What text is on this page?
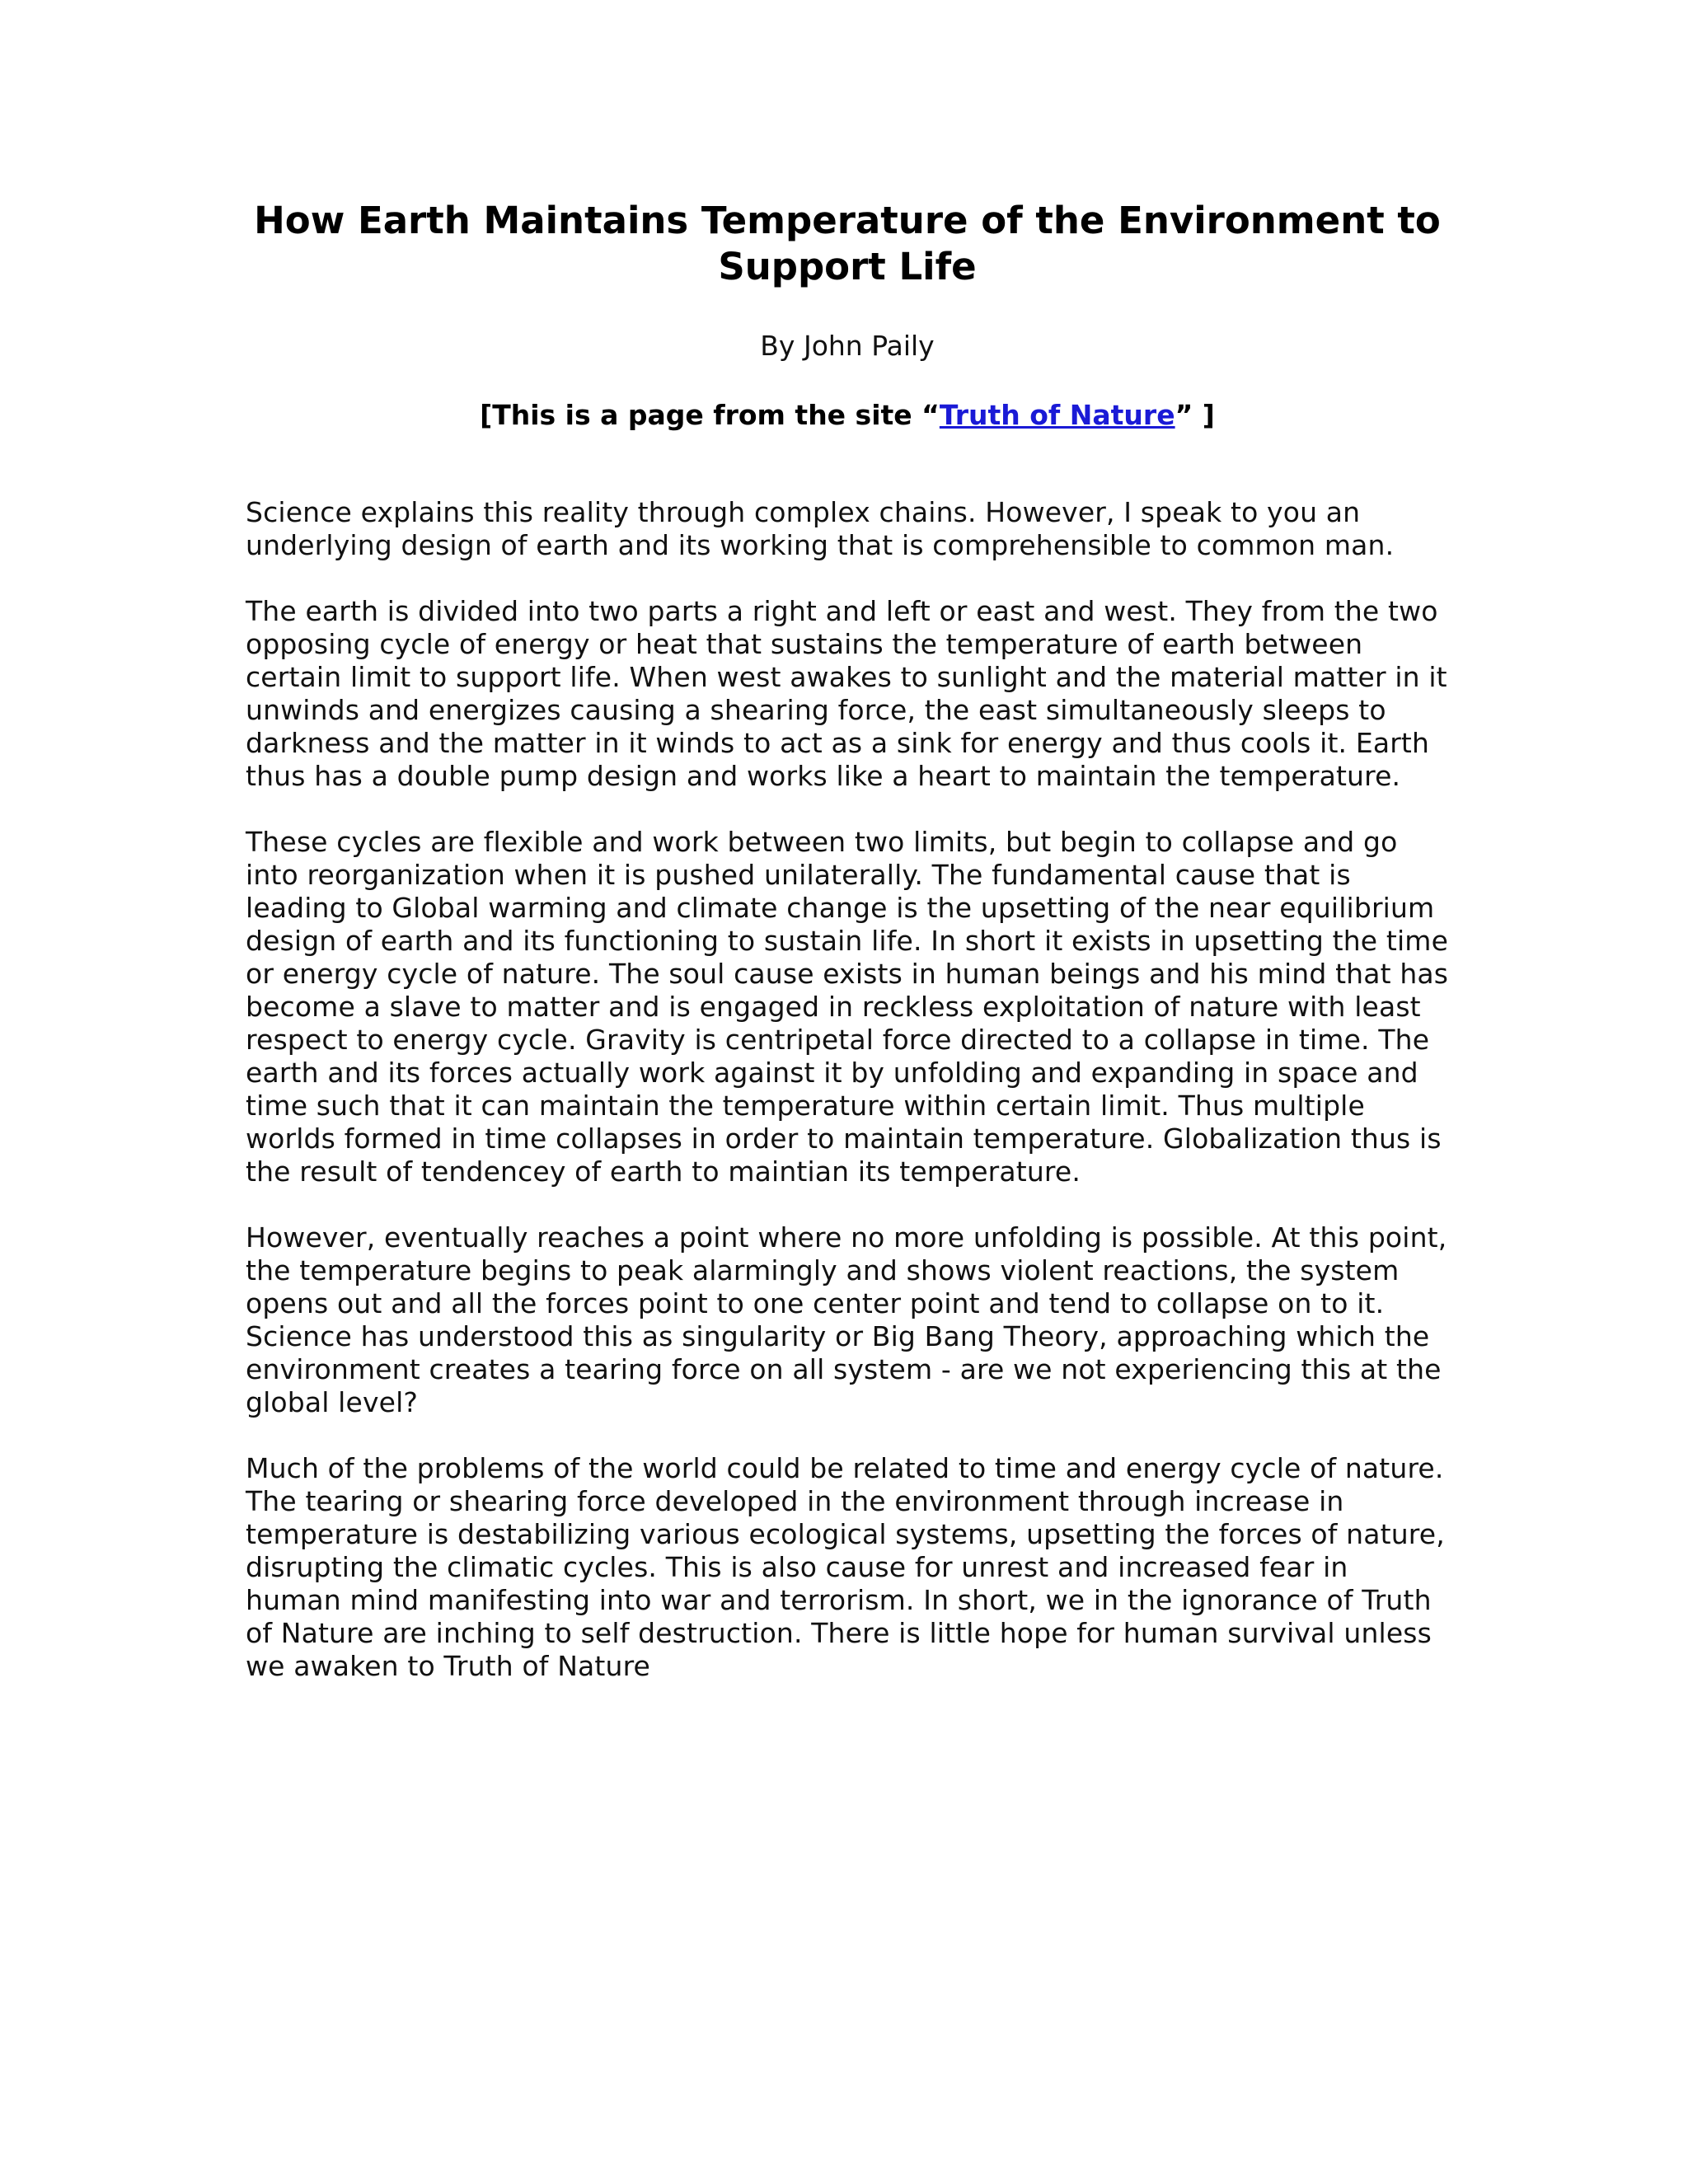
How Earth Maintains Temperature of the Environment to Support Life

By John Paily

[This is a page from the site “Truth of Nature” ]

Science explains this reality through complex chains. However, I speak to you an underlying design of earth and its working that is comprehensible to common man.

The earth is divided into two parts a right and left or east and west. They from the two opposing cycle of energy or heat that sustains the temperature of earth between certain limit to support life. When west awakes to sunlight and the material matter in it unwinds and energizes causing a shearing force, the east simultaneously sleeps to darkness and the matter in it winds to act as a sink for energy and thus cools it. Earth thus has a double pump design and works like a heart to maintain the temperature.

These cycles are flexible and work between two limits, but begin to collapse and go into reorganization when it is pushed unilaterally. The fundamental cause that is leading to Global warming and climate change is the upsetting of the near equilibrium design of earth and its functioning to sustain life. In short it exists in upsetting the time or energy cycle of nature. The soul cause exists in human beings and his mind that has become a slave to matter and is engaged in reckless exploitation of nature with least respect to energy cycle. Gravity is centripetal force directed to a collapse in time. The earth and its forces actually work against it by unfolding and expanding in space and time such that it can maintain the temperature within certain limit. Thus multiple worlds formed in time collapses in order to maintain temperature. Globalization thus is the result of tendencey of earth to maintian its temperature.

However, eventually reaches a point where no more unfolding is possible. At this point, the temperature begins to peak alarmingly and shows violent reactions, the system opens out and all the forces point to one center point and tend to collapse on to it. Science has understood this as singularity or Big Bang Theory, approaching which the environment creates a tearing force on all system - are we not experiencing this at the global level?

Much of the problems of the world could be related to time and energy cycle of nature. The tearing or shearing force developed in the environment through increase in temperature is destabilizing various ecological systems, upsetting the forces of nature, disrupting the climatic cycles. This is also cause for unrest and increased fear in human mind manifesting into war and terrorism. In short, we in the ignorance of Truth of Nature are inching to self destruction. There is little hope for human survival unless we awaken to Truth of Nature
